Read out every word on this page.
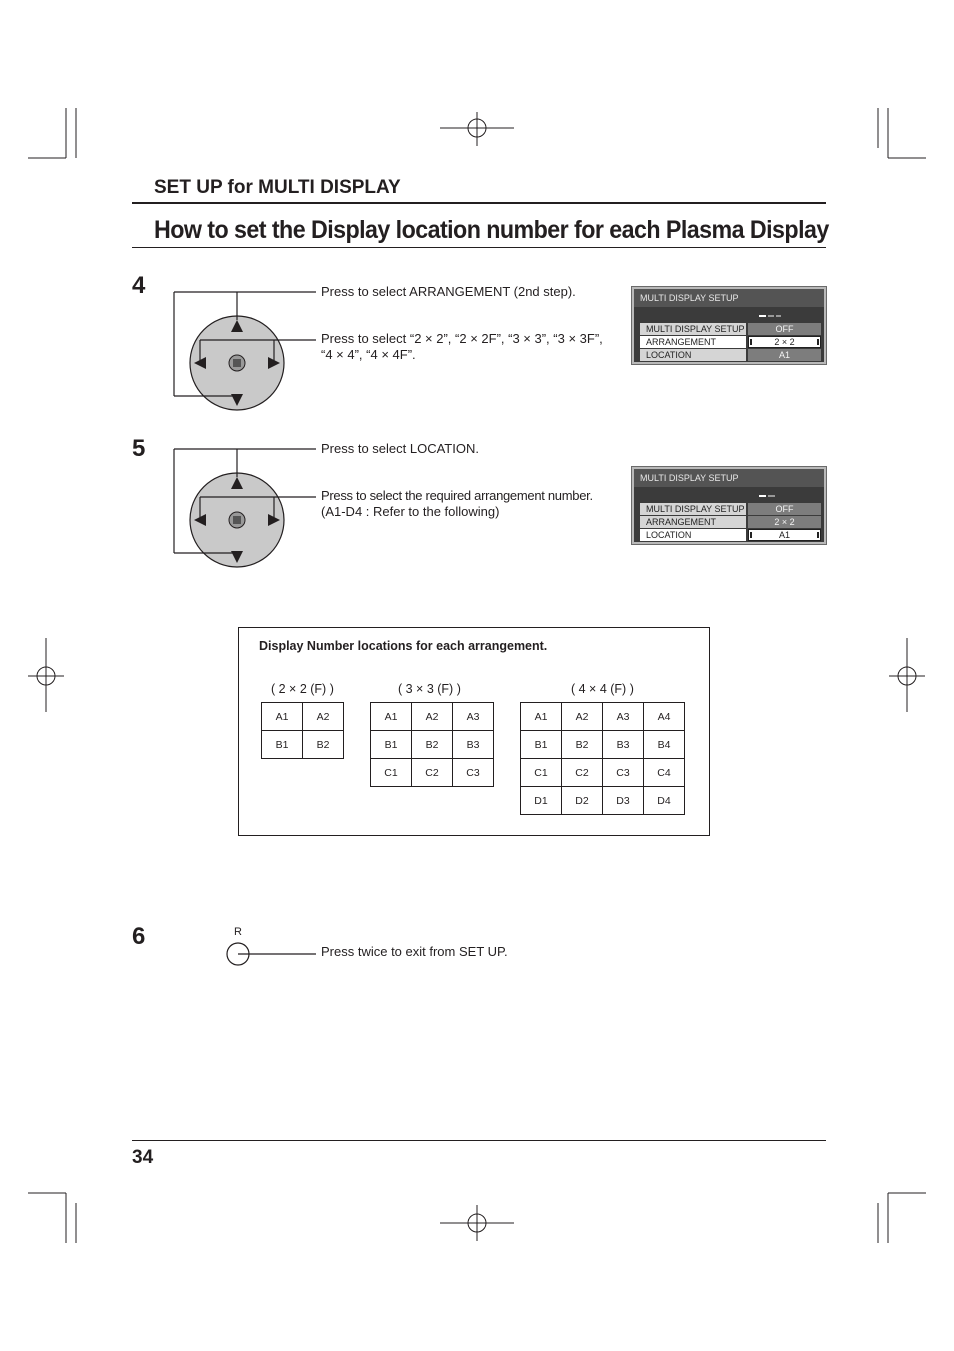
SET UP for MULTI DISPLAY
How to set the Display location number for each Plasma Display
4	Press to select ARRANGEMENT (2nd step).
Press to select “2 × 2”, “2 × 2F”, “3 × 3”, “3 × 3F”,
“4 × 4”, “4 × 4F”.
MULTI DISPLAY SETUP
MULTI DISPLAY SETUP	OFF
ARRANGEMENT	2 × 2
LOCATION	A1
5	Press to select LOCATION.
Press to select the required arrangement number.
(A1-D4 : Refer to the following)
MULTI DISPLAY SETUP
MULTI DISPLAY SETUP	OFF
ARRANGEMENT	2 × 2
LOCATION	A1
Display Number locations for each arrangement.
( 2 × 2 (F) )
A1	A2
B1	B2
( 3 × 3 (F) )
A1	A2	A3
B1	B2	B3
C1	C2	C3
( 4 × 4 (F) )
A1	A2	A3	A4
B1	B2	B3	B4
C1	C2	C3	C4
D1	D2	D3	D4
6	R
Press twice to exit from SET UP.
34
